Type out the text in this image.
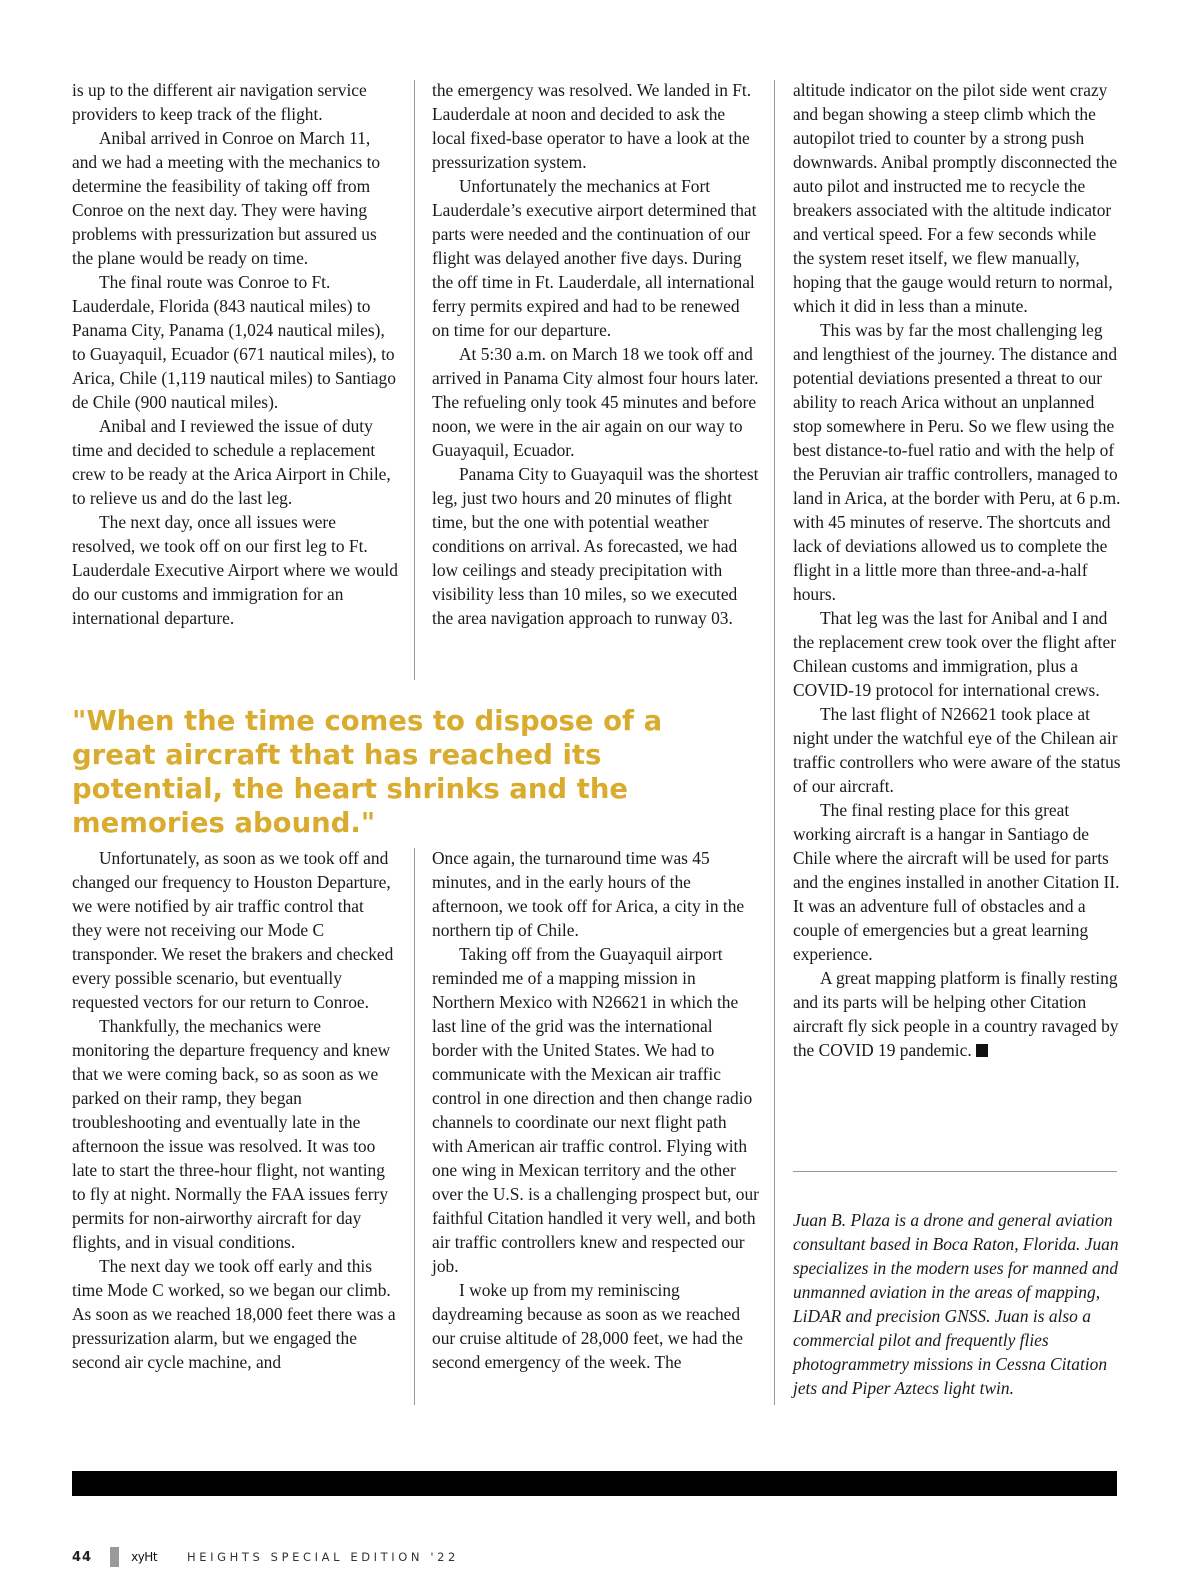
is up to the different air navigation service providers to keep track of the flight.

Anibal arrived in Conroe on March 11, and we had a meeting with the mechanics to determine the feasibility of taking off from Conroe on the next day. They were having problems with pressurization but assured us the plane would be ready on time.

The final route was Conroe to Ft. Lauderdale, Florida (843 nautical miles) to Panama City, Panama (1,024 nautical miles), to Guayaquil, Ecuador (671 nautical miles), to Arica, Chile (1,119 nautical miles) to Santiago de Chile (900 nautical miles).

Anibal and I reviewed the issue of duty time and decided to schedule a replacement crew to be ready at the Arica Airport in Chile, to relieve us and do the last leg.

The next day, once all issues were resolved, we took off on our first leg to Ft. Lauderdale Executive Airport where we would do our customs and immigration for an international departure.

the emergency was resolved. We landed in Ft. Lauderdale at noon and decided to ask the local fixed-base operator to have a look at the pressurization system.

Unfortunately the mechanics at Fort Lauderdale’s executive airport determined that parts were needed and the continuation of our flight was delayed another five days. During the off time in Ft. Lauderdale, all international ferry permits expired and had to be renewed on time for our departure.

At 5:30 a.m. on March 18 we took off and arrived in Panama City almost four hours later. The refueling only took 45 minutes and before noon, we were in the air again on our way to Guayaquil, Ecuador.

Panama City to Guayaquil was the shortest leg, just two hours and 20 minutes of flight time, but the one with potential weather conditions on arrival. As forecasted, we had low ceilings and steady precipitation with visibility less than 10 miles, so we executed the area navigation approach to runway 03.

"When the time comes to dispose of a great aircraft that has reached its potential, the heart shrinks and the memories abound."

Unfortunately, as soon as we took off and changed our frequency to Houston Departure, we were notified by air traffic control that they were not receiving our Mode C transponder. We reset the brakers and checked every possible scenario, but eventually requested vectors for our return to Conroe.

Thankfully, the mechanics were monitoring the departure frequency and knew that we were coming back, so as soon as we parked on their ramp, they began troubleshooting and eventually late in the afternoon the issue was resolved. It was too late to start the three-hour flight, not wanting to fly at night. Normally the FAA issues ferry permits for non-airworthy aircraft for day flights, and in visual conditions.

The next day we took off early and this time Mode C worked, so we began our climb. As soon as we reached 18,000 feet there was a pressurization alarm, but we engaged the second air cycle machine, and

Once again, the turnaround time was 45 minutes, and in the early hours of the afternoon, we took off for Arica, a city in the northern tip of Chile.

Taking off from the Guayaquil airport reminded me of a mapping mission in Northern Mexico with N26621 in which the last line of the grid was the international border with the United States. We had to communicate with the Mexican air traffic control in one direction and then change radio channels to coordinate our next flight path with American air traffic control. Flying with one wing in Mexican territory and the other over the U.S. is a challenging prospect but, our faithful Citation handled it very well, and both air traffic controllers knew and respected our job.

I woke up from my reminiscing daydreaming because as soon as we reached our cruise altitude of 28,000 feet, we had the second emergency of the week. The

altitude indicator on the pilot side went crazy and began showing a steep climb which the autopilot tried to counter by a strong push downwards. Anibal promptly disconnected the auto pilot and instructed me to recycle the breakers associated with the altitude indicator and vertical speed. For a few seconds while the system reset itself, we flew manually, hoping that the gauge would return to normal, which it did in less than a minute.

This was by far the most challenging leg and lengthiest of the journey. The distance and potential deviations presented a threat to our ability to reach Arica without an unplanned stop somewhere in Peru. So we flew using the best distance-to-fuel ratio and with the help of the Peruvian air traffic controllers, managed to land in Arica, at the border with Peru, at 6 p.m. with 45 minutes of reserve. The shortcuts and lack of deviations allowed us to complete the flight in a little more than three-and-a-half hours.

That leg was the last for Anibal and I and the replacement crew took over the flight after Chilean customs and immigration, plus a COVID-19 protocol for international crews.

The last flight of N26621 took place at night under the watchful eye of the Chilean air traffic controllers who were aware of the status of our aircraft.

The final resting place for this great working aircraft is a hangar in Santiago de Chile where the aircraft will be used for parts and the engines installed in another Citation II. It was an adventure full of obstacles and a couple of emergencies but a great learning experience.

A great mapping platform is finally resting and its parts will be helping other Citation aircraft fly sick people in a country ravaged by the COVID 19 pandemic.

Juan B. Plaza is a drone and general aviation consultant based in Boca Raton, Florida. Juan specializes in the modern uses for manned and unmanned aviation in the areas of mapping, LiDAR and precision GNSS. Juan is also a commercial pilot and frequently flies photogrammetry missions in Cessna Citation jets and Piper Aztecs light twin.

44	xyHt	HEIGHTS SPECIAL EDITION '22
